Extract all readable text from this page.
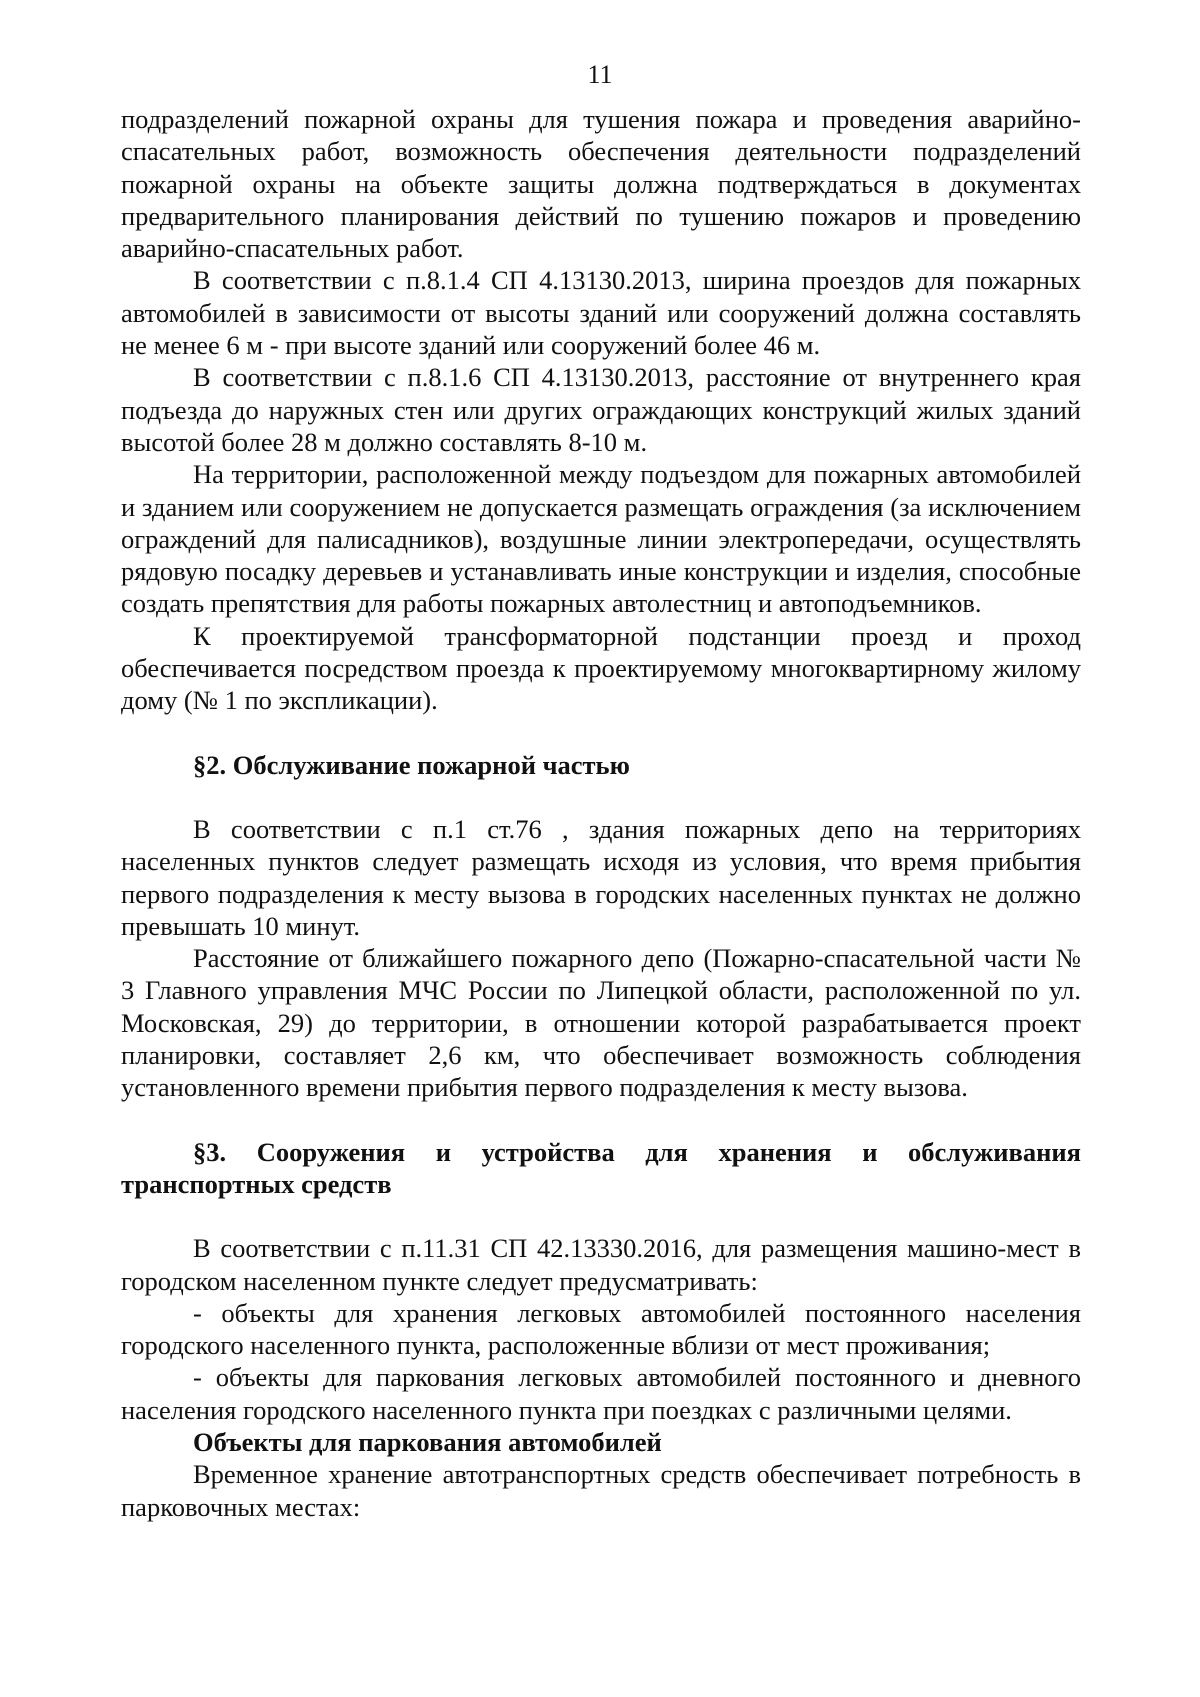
11

подразделений пожарной охраны для тушения пожара и проведения аварийно-спасательных работ, возможность обеспечения деятельности подразделений пожарной охраны на объекте защиты должна подтверждаться в документах предварительного планирования действий по тушению пожаров и проведению аварийно-спасательных работ.

В соответствии с п.8.1.4 СП 4.13130.2013, ширина проездов для пожарных автомобилей в зависимости от высоты зданий или сооружений должна составлять не менее 6 м - при высоте зданий или сооружений более 46 м.

В соответствии с п.8.1.6 СП 4.13130.2013, расстояние от внутреннего края подъезда до наружных стен или других ограждающих конструкций жилых зданий высотой более 28 м должно составлять 8-10 м.

На территории, расположенной между подъездом для пожарных автомобилей и зданием или сооружением не допускается размещать ограждения (за исключением ограждений для палисадников), воздушные линии электропередачи, осуществлять рядовую посадку деревьев и устанавливать иные конструкции и изделия, способные создать препятствия для работы пожарных автолестниц и автоподъемников.

К проектируемой трансформаторной подстанции проезд и проход обеспечивается посредством проезда к проектируемому многоквартирному жилому дому (№ 1 по экспликации).

§2. Обслуживание пожарной частью

В соответствии с п.1 ст.76 , здания пожарных депо на территориях населенных пунктов следует размещать исходя из условия, что время прибытия первого подразделения к месту вызова в городских населенных пунктах не должно превышать 10 минут.

Расстояние от ближайшего пожарного депо (Пожарно-спасательной части № 3 Главного управления МЧС России по Липецкой области, расположенной по ул. Московская, 29) до территории, в отношении которой разрабатывается проект планировки, составляет 2,6 км, что обеспечивает возможность соблюдения установленного времени прибытия первого подразделения к месту вызова.

§3. Сооружения и устройства для хранения и обслуживания транспортных средств

В соответствии с п.11.31 СП 42.13330.2016, для размещения машино-мест в городском населенном пункте следует предусматривать:

- объекты для хранения легковых автомобилей постоянного населения городского населенного пункта, расположенные вблизи от мест проживания;

- объекты для паркования легковых автомобилей постоянного и дневного населения городского населенного пункта при поездках с различными целями.

Объекты для паркования автомобилей

Временное хранение автотранспортных средств обеспечивает потребность в парковочных местах:
